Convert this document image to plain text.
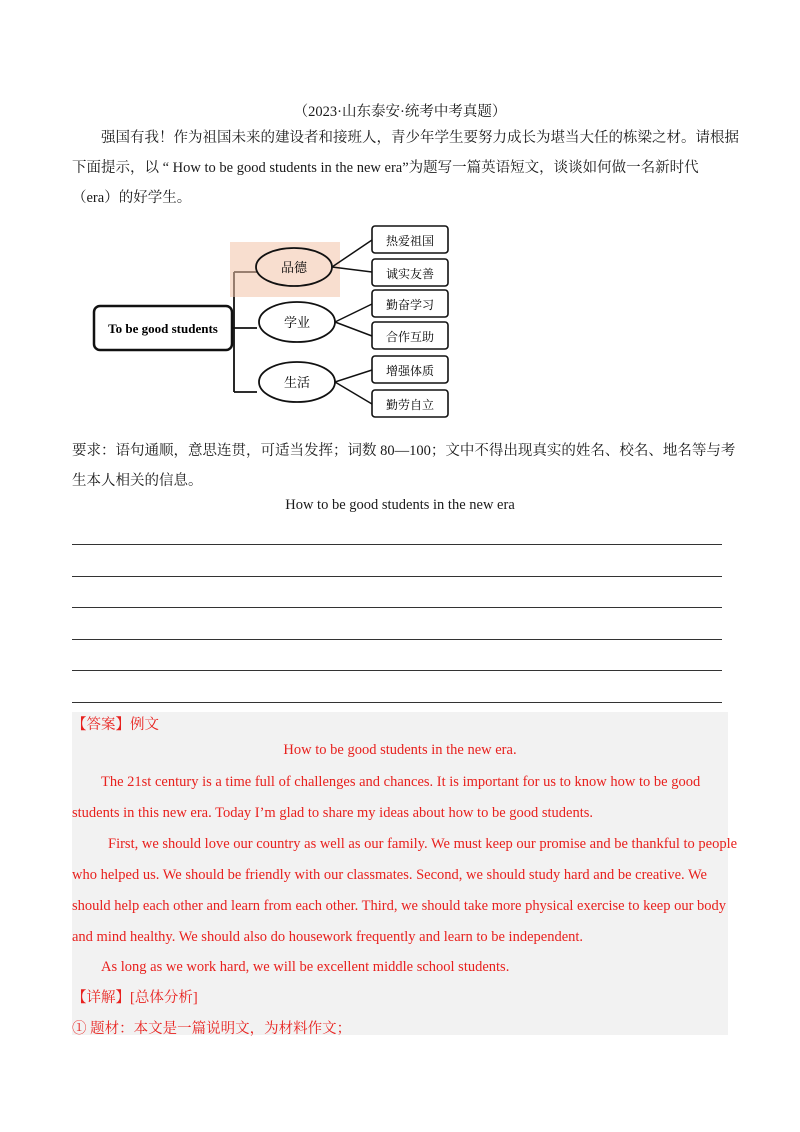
（2023·山东泰安·统考中考真题）
强国有我！作为祖国未来的建设者和接班人，青少年学生要努力成长为堪当大任的栋梁之材。请根据
下面提示，以 “ How to be good students in the new era”为题写一篇英语短文，谈谈如何做一名新时代
（era）的好学生。
To be good students
品德
学业
生活
热爱祖国
诚实友善
勤奋学习
合作互助
增强体质
勤劳自立
要求：语句通顺，意思连贯，可适当发挥；词数 80—100；文中不得出现真实的姓名、校名、地名等与考
生本人相关的信息。
How to be good students in the new era
【答案】例文
How to be good students in the new era.
The 21st century is a time full of challenges and chances. It is important for us to know how to be good
students in this new era. Today I’m glad to share my ideas about how to be good students.
First, we should love our country as well as our family. We must keep our promise and be thankful to people
who helped us. We should be friendly with our classmates. Second, we should study hard and be creative. We
should help each other and learn from each other. Third, we should take more physical exercise to keep our body
and mind healthy. We should also do housework frequently and learn to be independent.
As long as we work hard, we will be excellent middle school students.
【详解】[总体分析]
① 题材：本文是一篇说明文，为材料作文；
